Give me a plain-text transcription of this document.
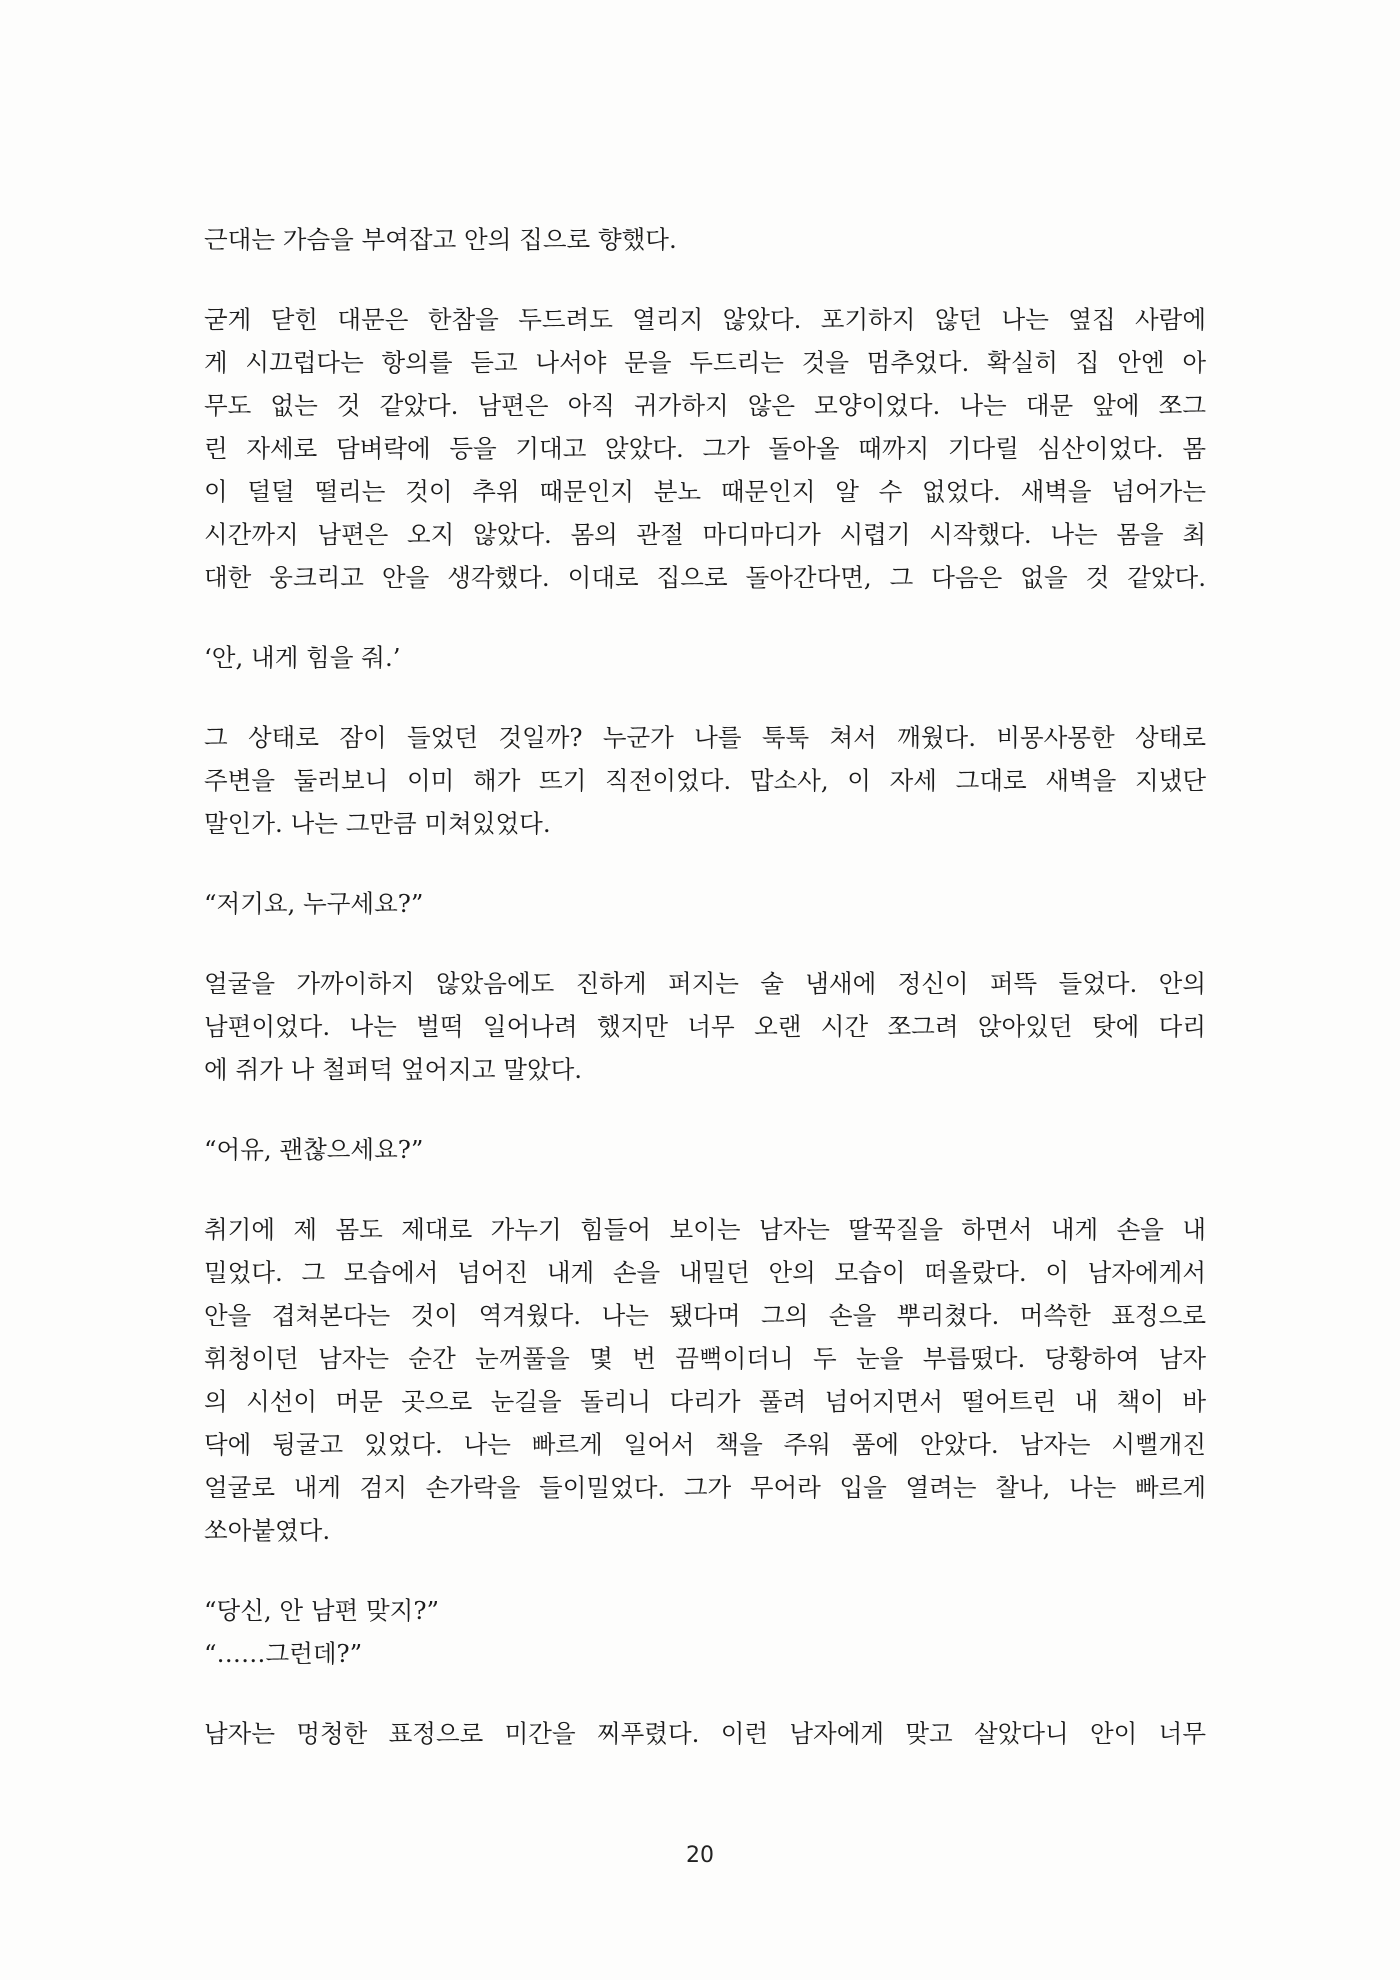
근대는 가슴을 부여잡고 안의 집으로 향했다.
굳게 닫힌 대문은 한참을 두드려도 열리지 않았다. 포기하지 않던 나는 옆집 사람에
게 시끄럽다는 항의를 듣고 나서야 문을 두드리는 것을 멈추었다. 확실히 집 안엔 아
무도 없는 것 같았다. 남편은 아직 귀가하지 않은 모양이었다. 나는 대문 앞에 쪼그
린 자세로 담벼락에 등을 기대고 앉았다. 그가 돌아올 때까지 기다릴 심산이었다. 몸
이 덜덜 떨리는 것이 추위 때문인지 분노 때문인지 알 수 없었다. 새벽을 넘어가는
시간까지 남편은 오지 않았다. 몸의 관절 마디마디가 시렵기 시작했다. 나는 몸을 최
대한 웅크리고 안을 생각했다. 이대로 집으로 돌아간다면, 그 다음은 없을 것 같았다.
‘안, 내게 힘을 줘.’
그 상태로 잠이 들었던 것일까? 누군가 나를 툭툭 쳐서 깨웠다. 비몽사몽한 상태로
주변을 둘러보니 이미 해가 뜨기 직전이었다. 맙소사, 이 자세 그대로 새벽을 지냈단
말인가. 나는 그만큼 미쳐있었다.
“저기요, 누구세요?”
얼굴을 가까이하지 않았음에도 진하게 퍼지는 술 냄새에 정신이 퍼뜩 들었다. 안의
남편이었다. 나는 벌떡 일어나려 했지만 너무 오랜 시간 쪼그려 앉아있던 탓에 다리
에 쥐가 나 철퍼덕 엎어지고 말았다.
“어유, 괜찮으세요?”
취기에 제 몸도 제대로 가누기 힘들어 보이는 남자는 딸꾹질을 하면서 내게 손을 내
밀었다. 그 모습에서 넘어진 내게 손을 내밀던 안의 모습이 떠올랐다. 이 남자에게서
안을 겹쳐본다는 것이 역겨웠다. 나는 됐다며 그의 손을 뿌리쳤다. 머쓱한 표정으로
휘청이던 남자는 순간 눈꺼풀을 몇 번 끔뻑이더니 두 눈을 부릅떴다. 당황하여 남자
의 시선이 머문 곳으로 눈길을 돌리니 다리가 풀려 넘어지면서 떨어트린 내 책이 바
닥에 뒹굴고 있었다. 나는 빠르게 일어서 책을 주워 품에 안았다. 남자는 시뻘개진
얼굴로 내게 검지 손가락을 들이밀었다. 그가 무어라 입을 열려는 찰나, 나는 빠르게
쏘아붙였다.
“당신, 안 남편 맞지?”
“……그런데?”
남자는 멍청한 표정으로 미간을 찌푸렸다. 이런 남자에게 맞고 살았다니 안이 너무
20
